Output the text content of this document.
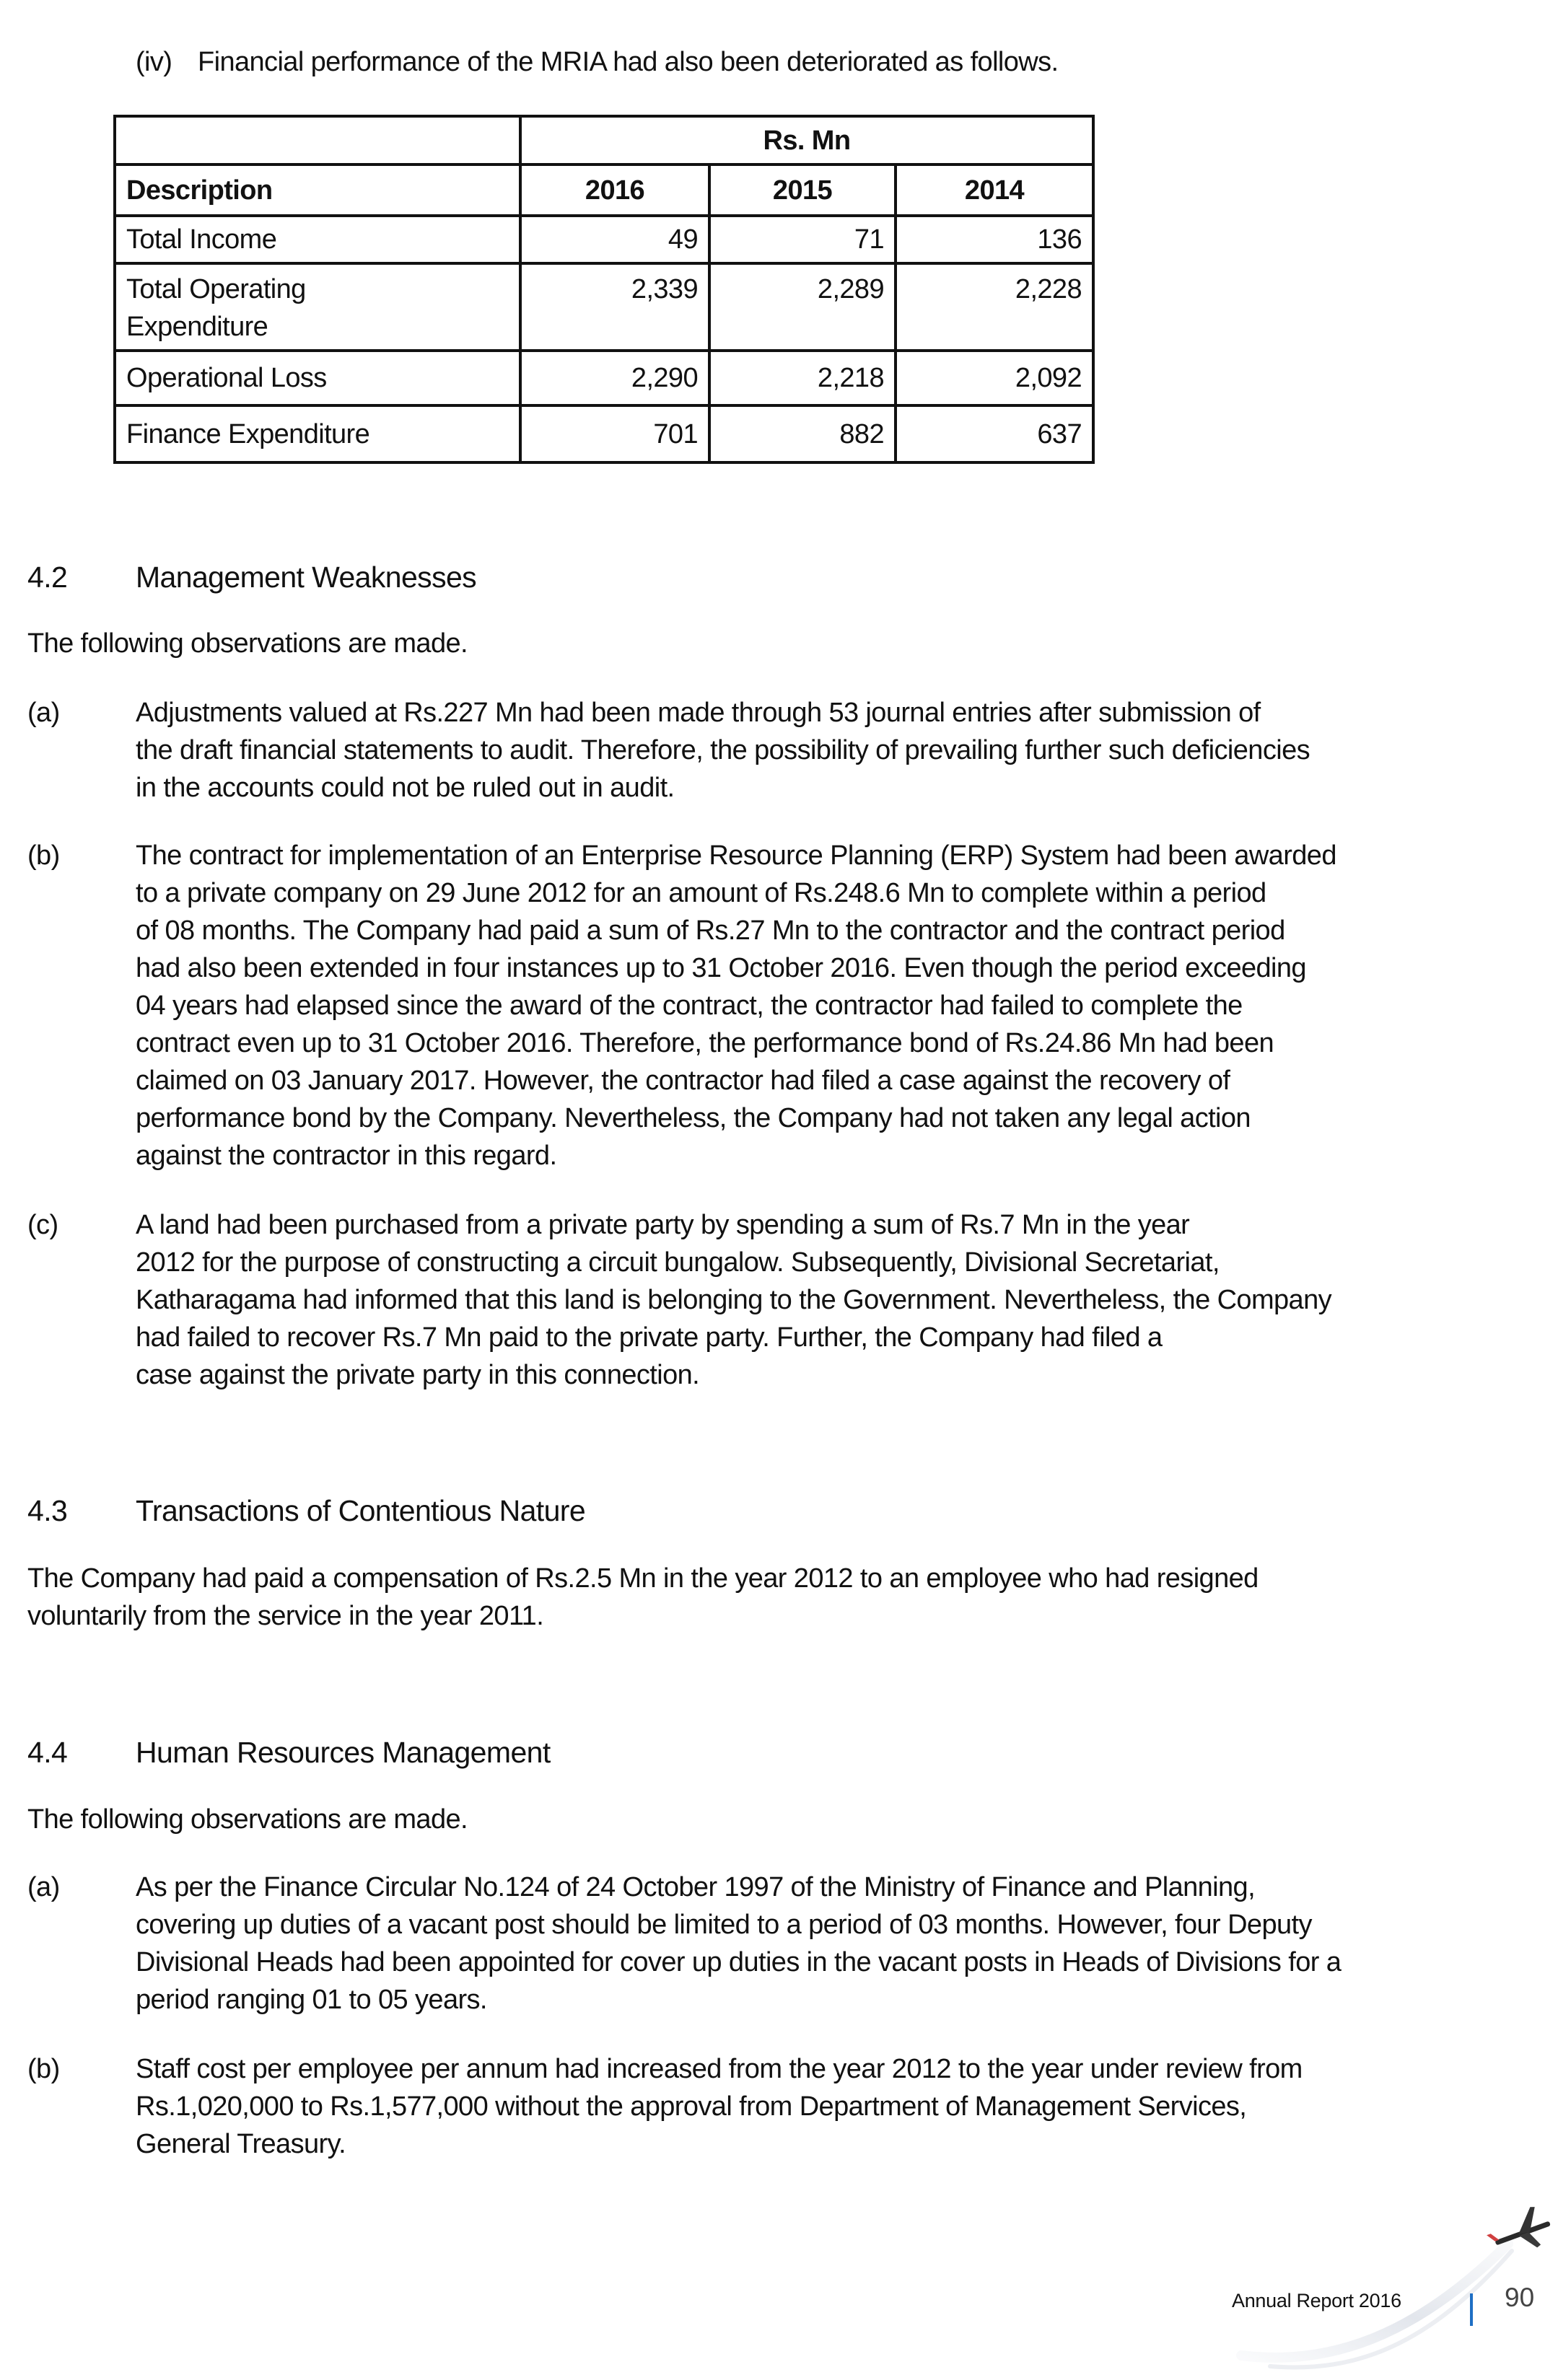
(iv) Financial performance of the MRIA had also been deteriorated as follows.
	Rs. Mn		
Description	2016	2015	2014
Total Income	49	71	136

Total Operating
Expenditure	2,339	2,289	2,228
Operational Loss	2,290	2,218	2,092
Finance Expenditure	701	882	637
4.2 Management Weaknesses
The following observations are made.
(a)	Adjustments valued at Rs.227 Mn had been made through 53 journal entries after submission of
the draft financial statements to audit. Therefore, the possibility of prevailing further such deficiencies
in the accounts could not be ruled out in audit.
(b)	The contract for implementation of an Enterprise Resource Planning (ERP) System had been awarded
to a private company on 29 June 2012 for an amount of Rs.248.6 Mn to complete within a period
of 08 months. The Company had paid a sum of Rs.27 Mn to the contractor and the contract period
had also been extended in four instances up to 31 October 2016. Even though the period exceeding
04 years had elapsed since the award of the contract, the contractor had failed to complete the
contract even up to 31 October 2016. Therefore, the performance bond of Rs.24.86 Mn had been
claimed on 03 January 2017. However, the contractor had filed a case against the recovery of
performance bond by the Company. Nevertheless, the Company had not taken any legal action
against the contractor in this regard.
(c)	A land had been purchased from a private party by spending a sum of Rs.7 Mn in the year
2012 for the purpose of constructing a circuit bungalow. Subsequently, Divisional Secretariat,
Katharagama had informed that this land is belonging to the Government. Nevertheless, the Company
had failed to recover Rs.7 Mn paid to the private party. Further, the Company had filed a
case against the private party in this connection.
4.3 Transactions of Contentious Nature
The Company had paid a compensation of Rs.2.5 Mn in the year 2012 to an employee who had resigned
voluntarily from the service in the year 2011.
4.4 Human Resources Management
The following observations are made.
(a)	As per the Finance Circular No.124 of 24 October 1997 of the Ministry of Finance and Planning,
covering up duties of a vacant post should be limited to a period of 03 months. However, four Deputy
Divisional Heads had been appointed for cover up duties in the vacant posts in Heads of Divisions for a
period ranging 01 to 05 years.
(b)	Staff cost per employee per annum had increased from the year 2012 to the year under review from
Rs.1,020,000 to Rs.1,577,000 without the approval from Department of Management Services,
General Treasury.
Annual Report 2016	90
